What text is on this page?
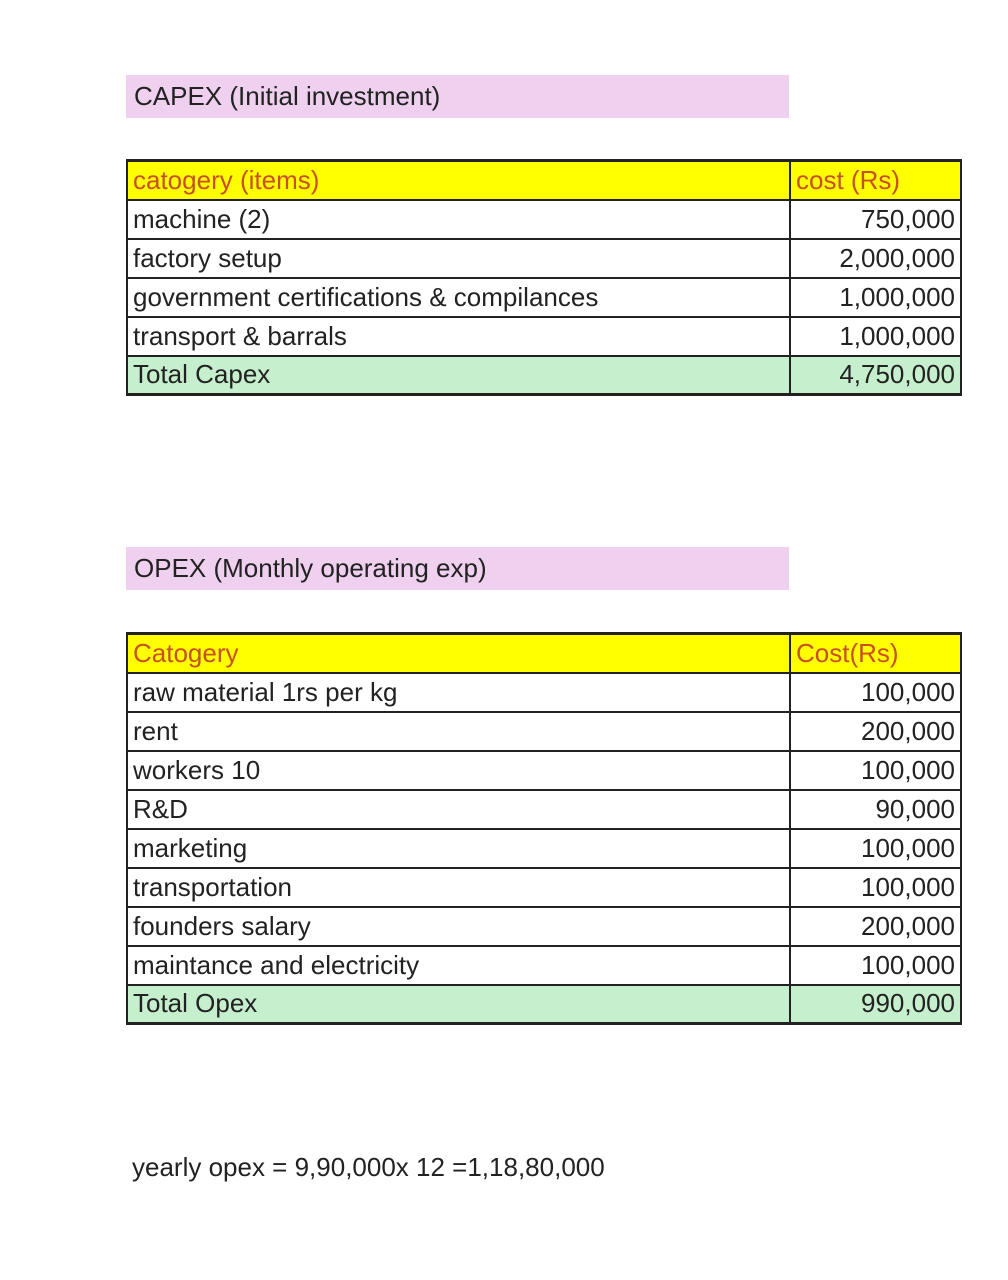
CAPEX (Initial investment)
catogery (items)	cost (Rs)
machine (2)	750,000
factory setup	2,000,000
government certifications & compilances	1,000,000
transport & barrals	1,000,000
Total Capex	4,750,000
OPEX (Monthly operating exp)
Catogery	Cost(Rs)
raw material 1rs per kg	100,000
rent	200,000
workers 10	100,000
R&D	90,000
marketing	100,000
transportation	100,000
founders salary	200,000
maintance and electricity	100,000
Total Opex	990,000
yearly opex = 9,90,000x 12 =1,18,80,000
